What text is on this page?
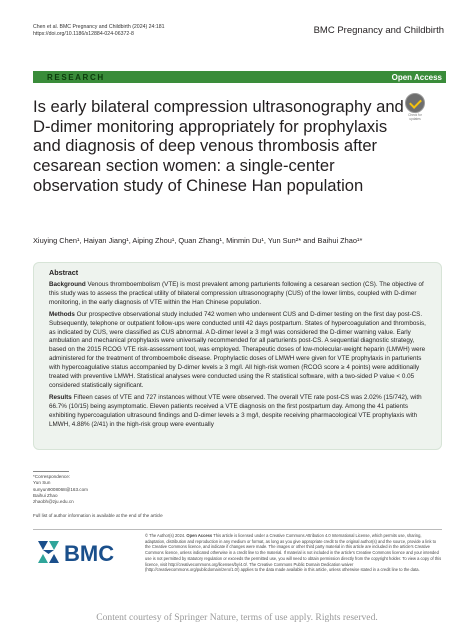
Chen et al. BMC Pregnancy and Childbirth (2024) 24:181
https://doi.org/10.1186/s12884-024-06372-8	BMC Pregnancy and Childbirth
RESEARCH	Open Access
Check for
updates
Is early bilateral compression ultrasonography and D-dimer monitoring appropriately for prophylaxis and diagnosis of deep venous thrombosis after cesarean section women: a single-center observation study of Chinese Han population
Xiuying Chen¹, Haiyan Jiang¹, Aiping Zhou¹, Quan Zhang¹, Minmin Du¹, Yun Sun²* and Baihui Zhao¹*
Abstract

Background Venous thromboembolism (VTE) is most prevalent among parturients following a cesarean section (CS). The objective of this study was to assess the practical utility of bilateral compression ultrasonography (CUS) of the lower limbs, coupled with D-dimer monitoring, in the early diagnosis of VTE within the Han Chinese population.

Methods Our prospective observational study included 742 women who underwent CUS and D-dimer testing on the first day post-CS. Subsequently, telephone or outpatient follow-ups were conducted until 42 days postpartum. States of hypercoagulation and thrombosis, as indicated by CUS, were classified as CUS abnormal. A D-dimer level ≥ 3 mg/l was considered the D-dimer warning value. Early ambulation and mechanical prophylaxis were universally recommended for all parturients post-CS. A sequential diagnostic strategy, based on the 2015 RCOG VTE risk-assessment tool, was employed. Therapeutic doses of low-molecular-weight heparin (LMWH) were administered for the treatment of thromboembolic disease. Prophylactic doses of LMWH were given for VTE prophylaxis in parturients with hypercoagulative status accompanied by D-dimer levels ≥ 3 mg/l. All high-risk women (RCOG score ≥ 4 points) were additionally treated with preventive LMWH. Statistical analyses were conducted using the R statistical software, with a two-sided P value < 0.05 considered statistically significant.

Results Fifteen cases of VTE and 727 instances without VTE were observed. The overall VTE rate post-CS was 2.02% (15/742), with 66.7% (10/15) being asymptomatic. Eleven patients received a VTE diagnosis on the first postpartum day. Among the 41 patients exhibiting hypercoagulation ultrasound findings and D-dimer levels ≥ 3 mg/l, despite receiving pharmacological VTE prophylaxis with LMWH, 4.88% (2/41) in the high-risk group were eventually

*Correspondence:
Yun Sun
sunyun9008068@163.com
Baihui Zhao
zhaobh@zju.edu.cn
Full list of author information is available at the end of the article
BMC
© The Author(s) 2024. Open Access This article is licensed under a Creative Commons Attribution 4.0 International License, which permits use, sharing, adaptation, distribution and reproduction in any medium or format, as long as you give appropriate credit to the original author(s) and the source, provide a link to the Creative Commons licence, and indicate if changes were made. The images or other third party material in this article are included in the article's Creative Commons licence, unless indicated otherwise in a credit line to the material. If material is not included in the article's Creative Commons licence and your intended use is not permitted by statutory regulation or exceeds the permitted use, you will need to obtain permission directly from the copyright holder. To view a copy of this licence, visit http://creativecommons.org/licenses/by/4.0/. The Creative Commons Public Domain Dedication waiver (http://creativecommons.org/publicdomain/zero/1.0/) applies to the data made available in this article, unless otherwise stated in a credit line to the data.
Content courtesy of Springer Nature, terms of use apply. Rights reserved.
